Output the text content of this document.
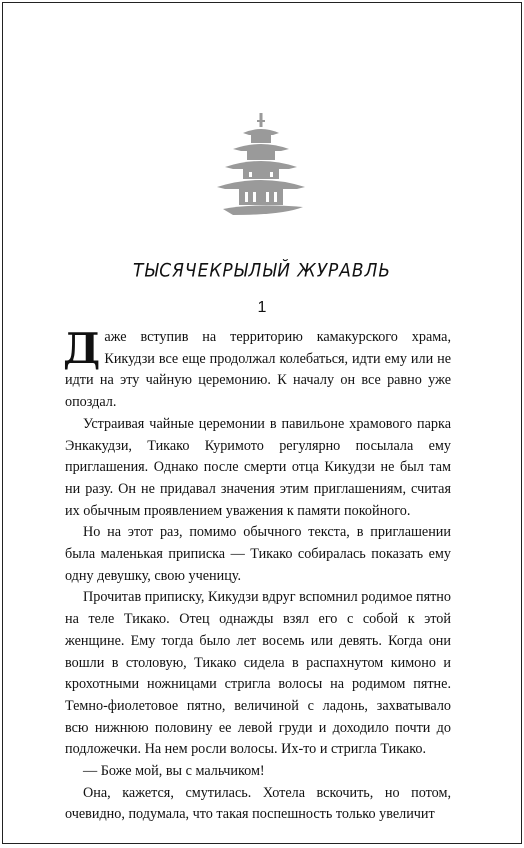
ТЫСЯЧЕКРЫЛЫЙ ЖУРАВЛЬ
1

Даже вступив на территорию камакурского храма, Кикудзи все еще продолжал колебаться, идти ему или не идти на эту чайную церемонию. К началу он все равно уже опоздал.

Устраивая чайные церемонии в павильоне храмового парка Энкакудзи, Тикако Куримото регулярно посылала ему приглашения. Однако после смерти отца Кикудзи не был там ни разу. Он не придавал значения этим приглашениям, считая их обычным проявлением уважения к памяти покойного.

Но на этот раз, помимо обычного текста, в приглашении была маленькая приписка — Тикако собиралась показать ему одну девушку, свою ученицу.

Прочитав приписку, Кикудзи вдруг вспомнил родимое пятно на теле Тикако. Отец однажды взял его с собой к этой женщине. Ему тогда было лет восемь или девять. Когда они вошли в столовую, Тикако сидела в распахнутом кимоно и крохотными ножницами стригла волосы на родимом пятне. Темно-фиолетовое пятно, величиной с ладонь, захватывало всю нижнюю половину ее левой груди и доходило почти до подложечки. На нем росли волосы. Их-то и стригла Тикако.

— Боже мой, вы с мальчиком!

Она, кажется, смутилась. Хотела вскочить, но потом, очевидно, подумала, что такая поспешность только увеличит
